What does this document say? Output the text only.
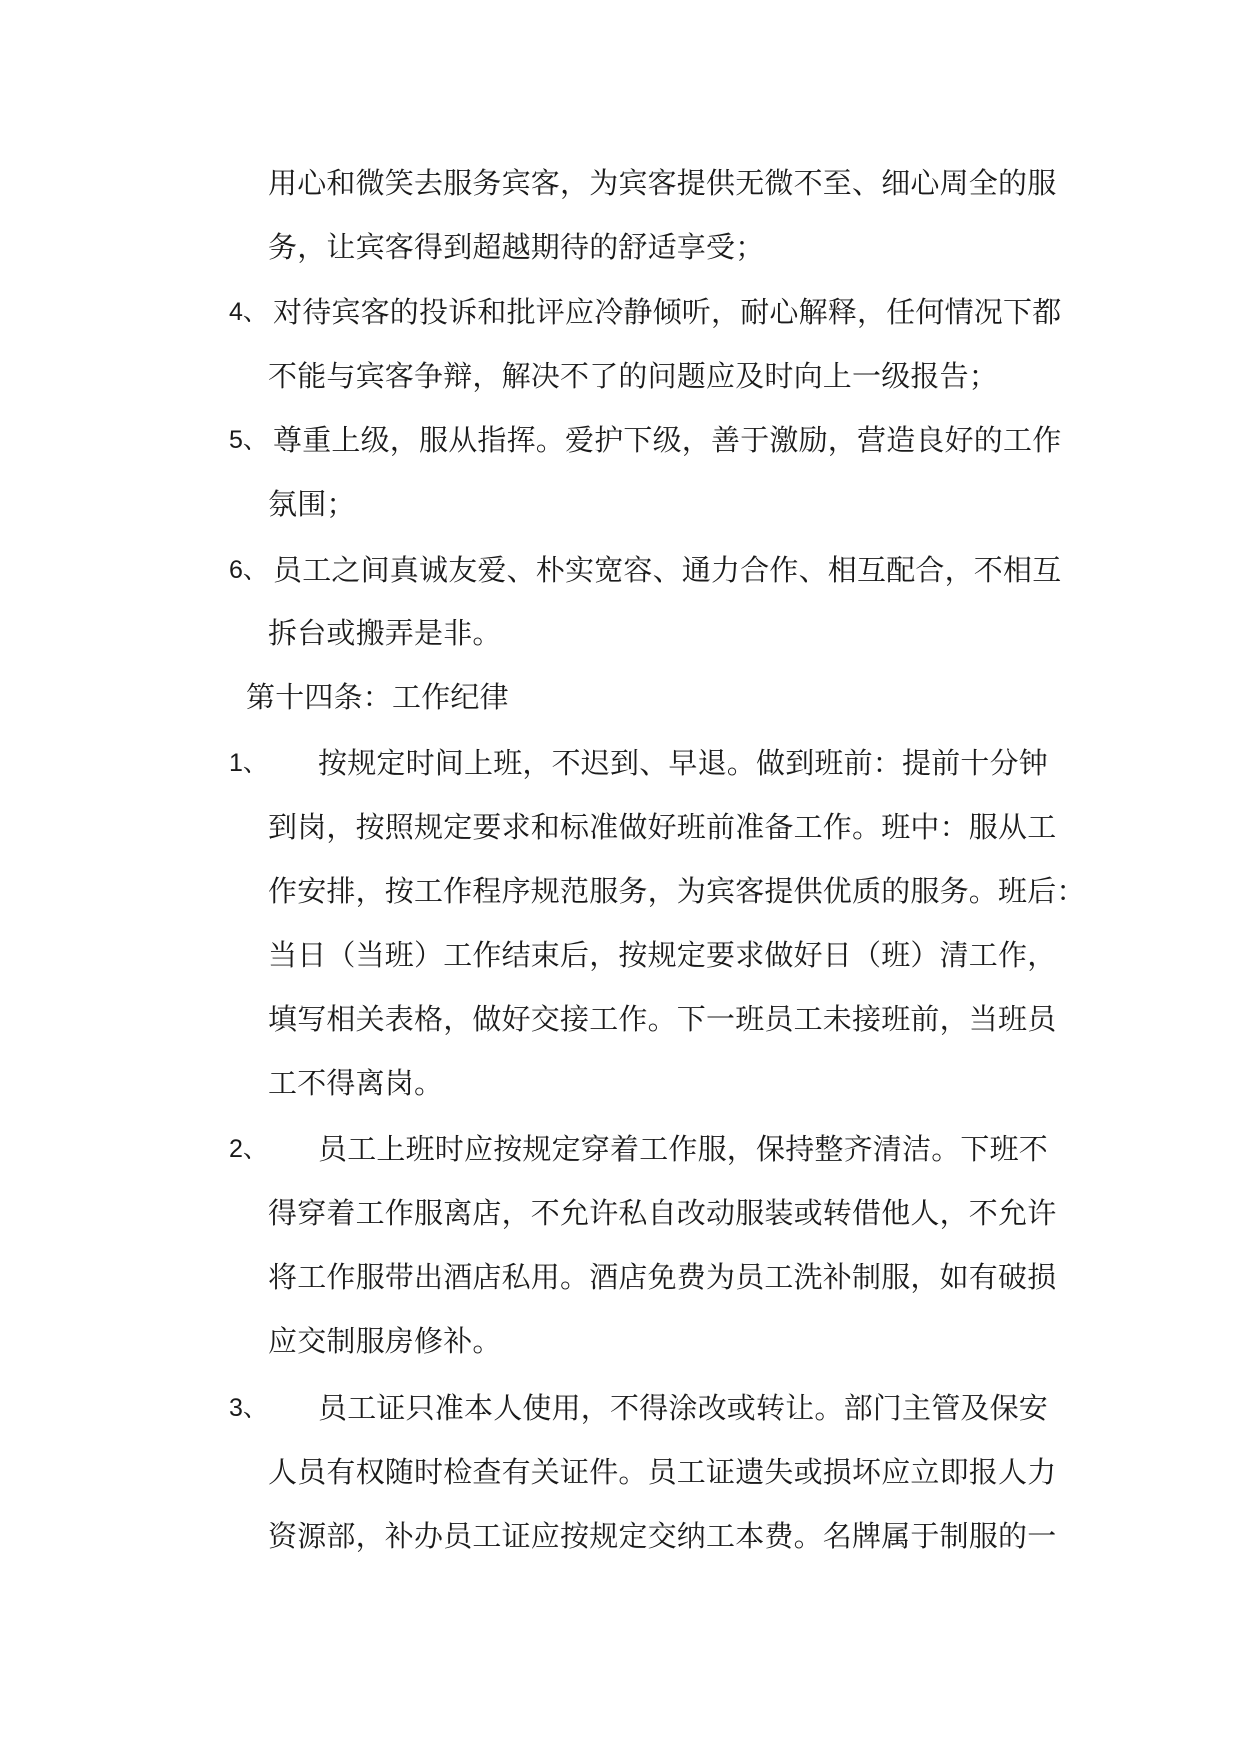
用心和微笑去服务宾客，为宾客提供无微不至、细心周全的服
务，让宾客得到超越期待的舒适享受；
4、 对待宾客的投诉和批评应冷静倾听，耐心解释，任何情况下都
不能与宾客争辩，解决不了的问题应及时向上一级报告；
5、 尊重上级，服从指挥。爱护下级，善于激励，营造良好的工作
氛围；
6、 员工之间真诚友爱、朴实宽容、通力合作、相互配合，不相互
拆台或搬弄是非。
第十四条：工作纪律
1、 按规定时间上班，不迟到、早退。做到班前：提前十分钟
到岗，按照规定要求和标准做好班前准备工作。班中：服从工
作安排，按工作程序规范服务，为宾客提供优质的服务。班后：
当日（当班）工作结束后，按规定要求做好日（班）清工作，
填写相关表格，做好交接工作。下一班员工未接班前，当班员
工不得离岗。
2、 员工上班时应按规定穿着工作服，保持整齐清洁。下班不
得穿着工作服离店，不允许私自改动服装或转借他人，不允许
将工作服带出酒店私用。酒店免费为员工洗补制服，如有破损
应交制服房修补。
3、 员工证只准本人使用，不得涂改或转让。部门主管及保安
人员有权随时检查有关证件。员工证遗失或损坏应立即报人力
资源部，补办员工证应按规定交纳工本费。名牌属于制服的一
